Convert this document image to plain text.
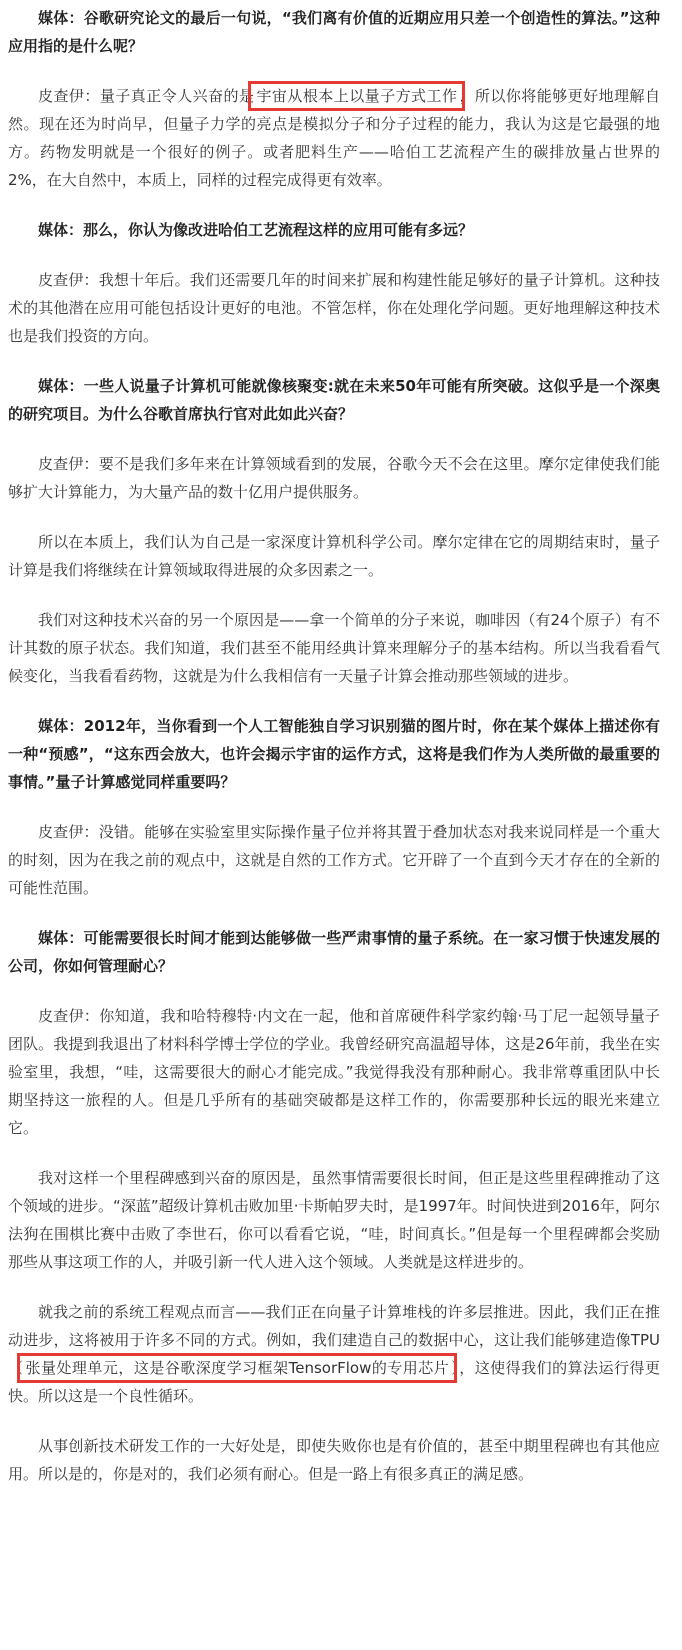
媒体：谷歌研究论文的最后一句说，“我们离有价值的近期应用只差一个创造性的算法。”这种应用指的是什么呢？

皮查伊：量子真正令人兴奋的是 宇宙从根本上以量子方式工作 ，所以你将能够更好地理解自然。现在还为时尚早，但量子力学的亮点是模拟分子和分子过程的能力，我认为这是它最强的地方。药物发明就是一个很好的例子。或者肥料生产——哈伯工艺流程产生的碳排放量占世界的2%，在大自然中，本质上，同样的过程完成得更有效率。

媒体：那么，你认为像改进哈伯工艺流程这样的应用可能有多远？

皮查伊：我想十年后。我们还需要几年的时间来扩展和构建性能足够好的量子计算机。这种技术的其他潜在应用可能包括设计更好的电池。不管怎样，你在处理化学问题。更好地理解这种技术也是我们投资的方向。

媒体：一些人说量子计算机可能就像核聚变:就在未来50年可能有所突破。这似乎是一个深奥的研究项目。为什么谷歌首席执行官对此如此兴奋？

皮查伊：要不是我们多年来在计算领域看到的发展，谷歌今天不会在这里。摩尔定律使我们能够扩大计算能力，为大量产品的数十亿用户提供服务。

所以在本质上，我们认为自己是一家深度计算机科学公司。摩尔定律在它的周期结束时，量子计算是我们将继续在计算领域取得进展的众多因素之一。

我们对这种技术兴奋的另一个原因是——拿一个简单的分子来说，咖啡因（有24个原子）有不计其数的原子状态。我们知道，我们甚至不能用经典计算来理解分子的基本结构。所以当我看看气候变化，当我看看药物，这就是为什么我相信有一天量子计算会推动那些领域的进步。

媒体：2012年，当你看到一个人工智能独自学习识别猫的图片时，你在某个媒体上描述你有一种“预感”，“这东西会放大，也许会揭示宇宙的运作方式，这将是我们作为人类所做的最重要的事情。”量子计算感觉同样重要吗？

皮查伊：没错。能够在实验室里实际操作量子位并将其置于叠加状态对我来说同样是一个重大的时刻，因为在我之前的观点中，这就是自然的工作方式。它开辟了一个直到今天才存在的全新的可能性范围。

媒体：可能需要很长时间才能到达能够做一些严肃事情的量子系统。在一家习惯于快速发展的公司，你如何管理耐心？

皮查伊：你知道，我和哈特穆特·内文在一起，他和首席硬件科学家约翰·马丁尼一起领导量子团队。我提到我退出了材料科学博士学位的学业。我曾经研究高温超导体，这是26年前，我坐在实验室里，我想，“哇，这需要很大的耐心才能完成。”我觉得我没有那种耐心。我非常尊重团队中长期坚持这一旅程的人。但是几乎所有的基础突破都是这样工作的，你需要那种长远的眼光来建立它。

我对这样一个里程碑感到兴奋的原因是，虽然事情需要很长时间，但正是这些里程碑推动了这个领域的进步。“深蓝”超级计算机击败加里·卡斯帕罗夫时，是1997年。时间快进到2016年，阿尔法狗在围棋比赛中击败了李世石，你可以看看它说，“哇，时间真长。”但是每一个里程碑都会奖励那些从事这项工作的人，并吸引新一代人进入这个领域。人类就是这样进步的。

就我之前的系统工程观点而言——我们正在向量子计算堆栈的许多层推进。因此，我们正在推动进步，这将被用于许多不同的方式。例如，我们建造自己的数据中心，这让我们能够建造像TPU（ 张量处理单元，这是谷歌深度学习框架TensorFlow的专用芯片 ），这使得我们的算法运行得更快。所以这是一个良性循环。

从事创新技术研发工作的一大好处是，即使失败你也是有价值的，甚至中期里程碑也有其他应用。所以是的，你是对的，我们必须有耐心。但是一路上有很多真正的满足感。
